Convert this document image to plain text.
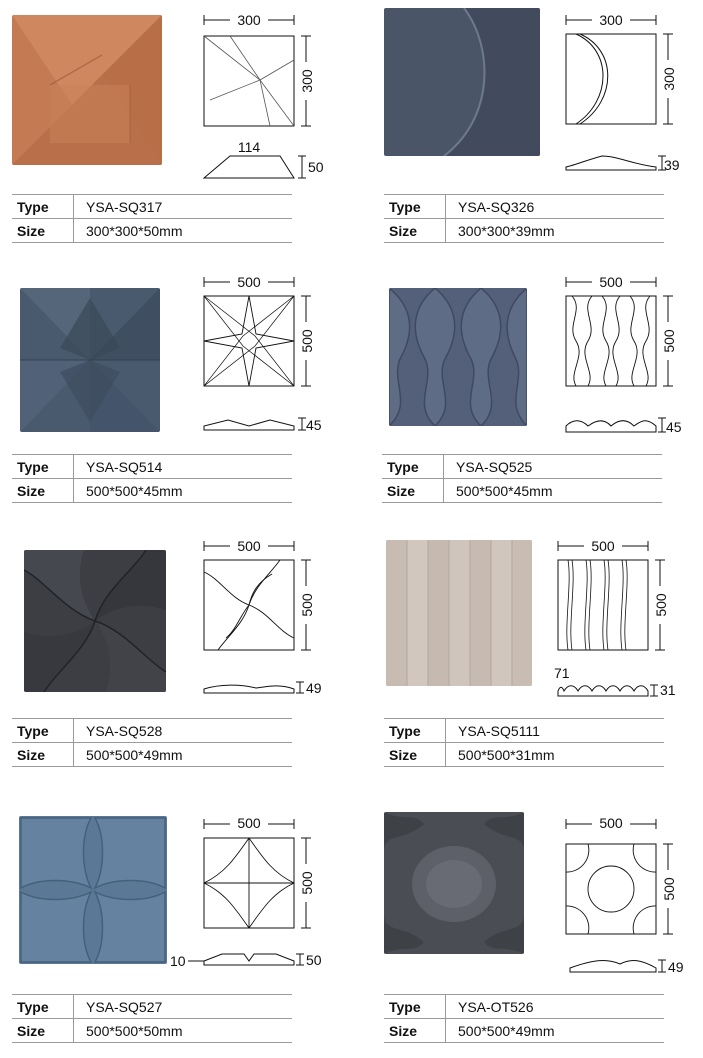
300
300
114
50
Type	YSA-SQ317
Size	300*300*50mm
300
300
39
Type	YSA-SQ326
Size	300*300*39mm
500
500
45
Type	YSA-SQ514
Size	500*500*45mm
500
500
45
Type	YSA-SQ525
Size	500*500*45mm
500
500
49
Type	YSA-SQ528
Size	500*500*49mm
500
500
71
31
Type	YSA-SQ5111
Size	500*500*31mm
500
500
10	50
Type	YSA-SQ527
Size	500*500*50mm
500
500
49
Type	YSA-OT526
Size	500*500*49mm
